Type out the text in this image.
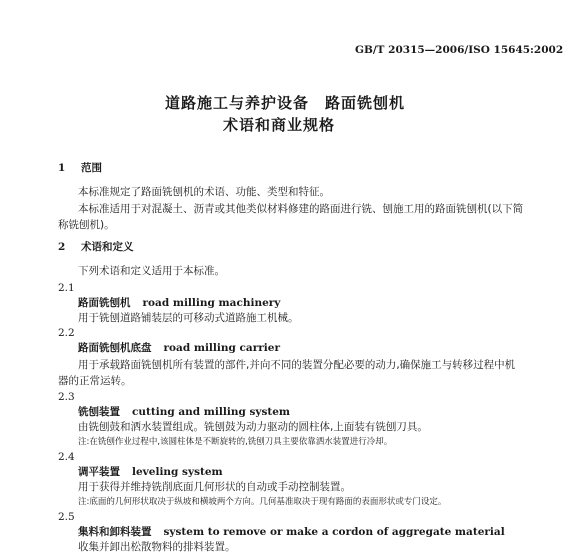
GB/T 20315—2006/ISO 15645:2002
道路施工与养护设备　路面铣刨机
术语和商业规格
1 范围
本标准规定了路面铣刨机的术语、功能、类型和特征。
本标准适用于对混凝土、沥青或其他类似材料修建的路面进行铣、刨施工用的路面铣刨机(以下简
称铣刨机)。
2 术语和定义
下列术语和定义适用于本标准。
2.1
路面铣刨机 road milling machinery
用于铣刨道路铺装层的可移动式道路施工机械。
2.2
路面铣刨机底盘 road milling carrier
用于承载路面铣刨机所有装置的部件,并向不同的装置分配必要的动力,确保施工与转移过程中机
器的正常运转。
2.3
铣刨装置 cutting and milling system
由铣刨鼓和洒水装置组成。铣刨鼓为动力驱动的圆柱体,上面装有铣刨刀具。
注:在铣刨作业过程中,该圆柱体是不断旋转的,铣刨刀具主要依靠洒水装置进行冷却。
2.4
调平装置 leveling system
用于获得并维持铣削底面几何形状的自动或手动控制装置。
注:底面的几何形状取决于纵坡和横坡两个方向。几何基准取决于现有路面的表面形状或专门设定。
2.5
集料和卸料装置 system to remove or make a cordon of aggregate material
收集并卸出松散物料的排料装置。
